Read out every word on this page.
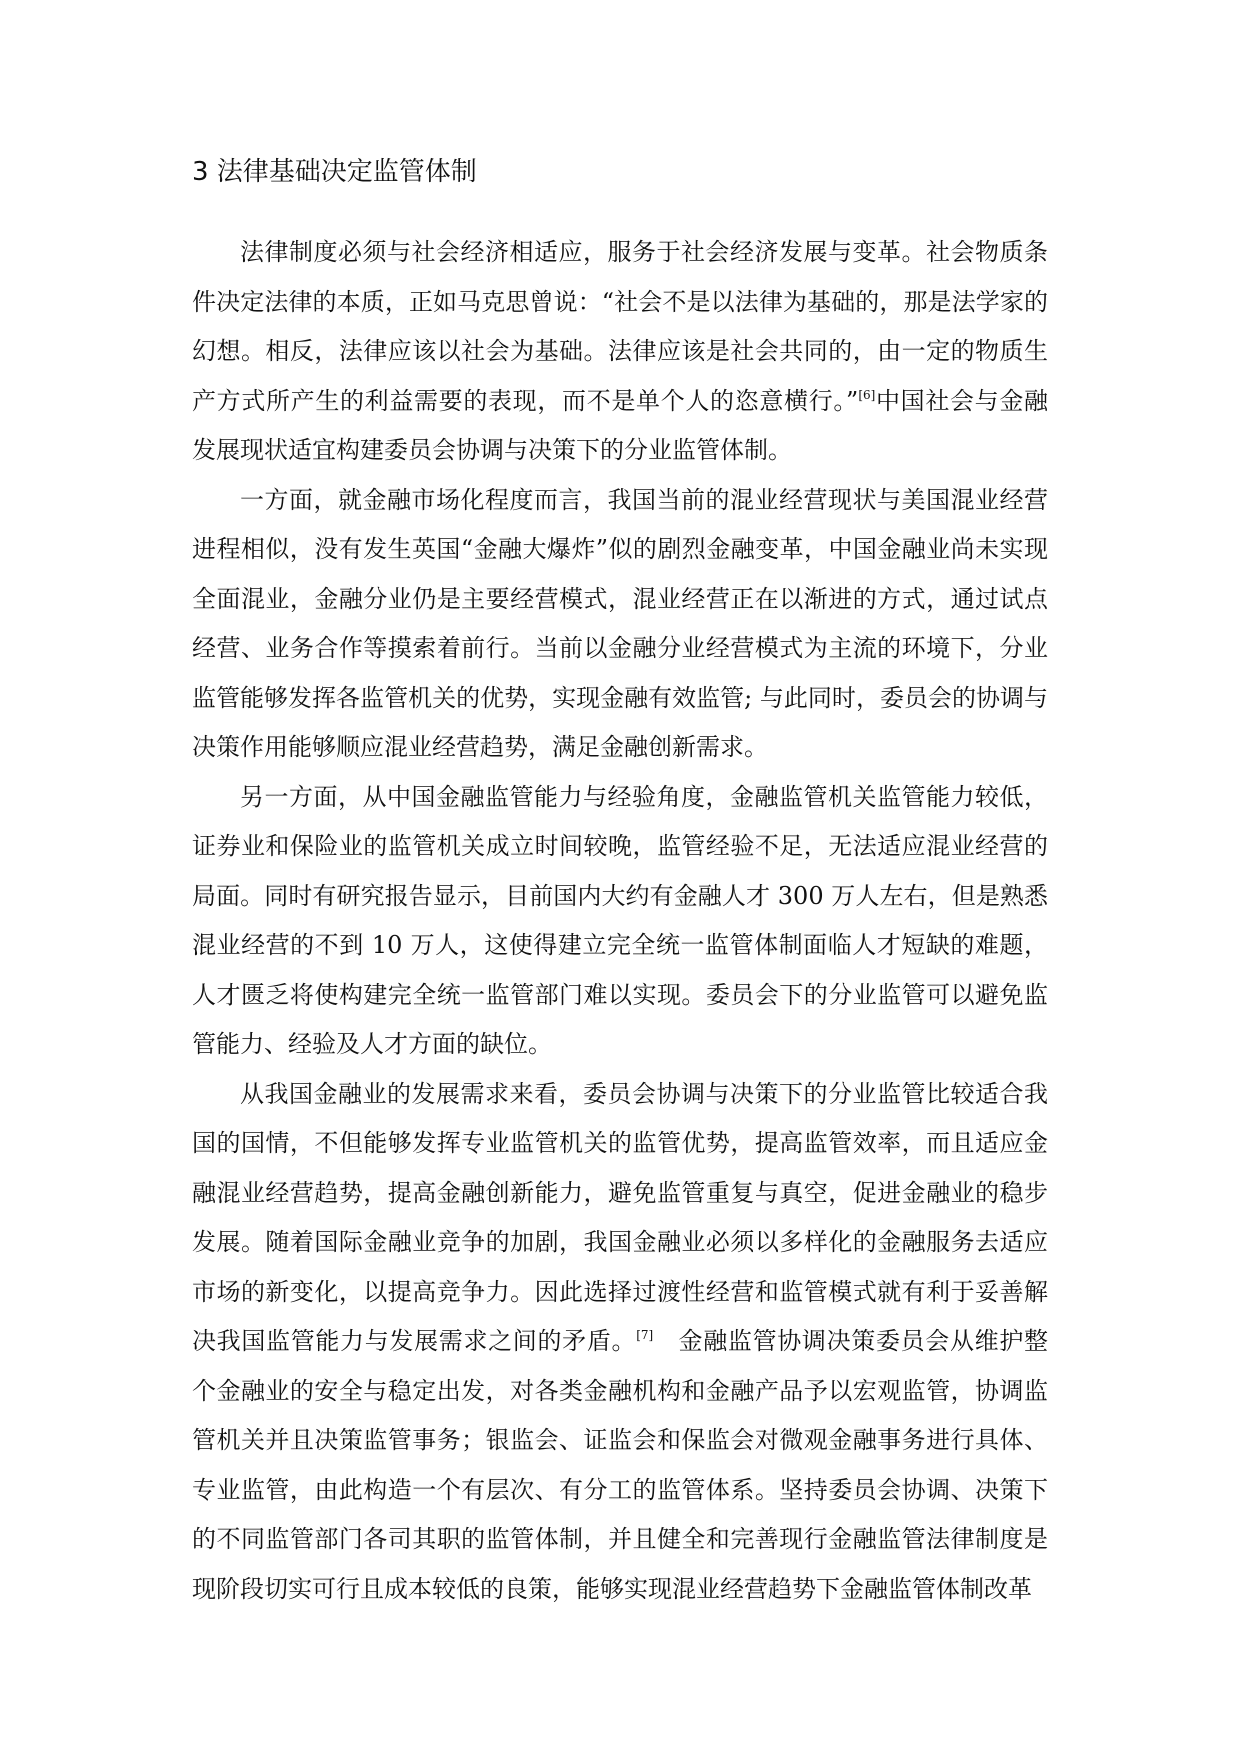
3 法律基础决定监管体制

法律制度必须与社会经济相适应，服务于社会经济发展与变革。社会物质条件决定法律的本质，正如马克思曾说：“社会不是以法律为基础的，那是法学家的幻想。相反，法律应该以社会为基础。法律应该是社会共同的，由一定的物质生产方式所产生的利益需要的表现，而不是单个人的恣意横行。”[6]中国社会与金融发展现状适宜构建委员会协调与决策下的分业监管体制。

一方面，就金融市场化程度而言，我国当前的混业经营现状与美国混业经营进程相似，没有发生英国“金融大爆炸”似的剧烈金融变革，中国金融业尚未实现全面混业，金融分业仍是主要经营模式，混业经营正在以渐进的方式，通过试点经营、业务合作等摸索着前行。当前以金融分业经营模式为主流的环境下，分业监管能够发挥各监管机关的优势，实现金融有效监管; 与此同时，委员会的协调与决策作用能够顺应混业经营趋势，满足金融创新需求。

另一方面，从中国金融监管能力与经验角度，金融监管机关监管能力较低，证券业和保险业的监管机关成立时间较晚，监管经验不足，无法适应混业经营的局面。同时有研究报告显示，目前国内大约有金融人才 300 万人左右，但是熟悉混业经营的不到 10 万人，这使得建立完全统一监管体制面临人才短缺的难题，人才匮乏将使构建完全统一监管部门难以实现。委员会下的分业监管可以避免监管能力、经验及人才方面的缺位。

从我国金融业的发展需求来看，委员会协调与决策下的分业监管比较适合我国的国情，不但能够发挥专业监管机关的监管优势，提高监管效率，而且适应金融混业经营趋势，提高金融创新能力，避免监管重复与真空，促进金融业的稳步发展。随着国际金融业竞争的加剧，我国金融业必须以多样化的金融服务去适应市场的新变化，以提高竞争力。因此选择过渡性经营和监管模式就有利于妥善解决我国监管能力与发展需求之间的矛盾。[7]　金融监管协调决策委员会从维护整个金融业的安全与稳定出发，对各类金融机构和金融产品予以宏观监管，协调监管机关并且决策监管事务；银监会、证监会和保监会对微观金融事务进行具体、专业监管，由此构造一个有层次、有分工的监管体系。坚持委员会协调、决策下的不同监管部门各司其职的监管体制，并且健全和完善现行金融监管法律制度是现阶段切实可行且成本较低的良策，能够实现混业经营趋势下金融监管体制改革
